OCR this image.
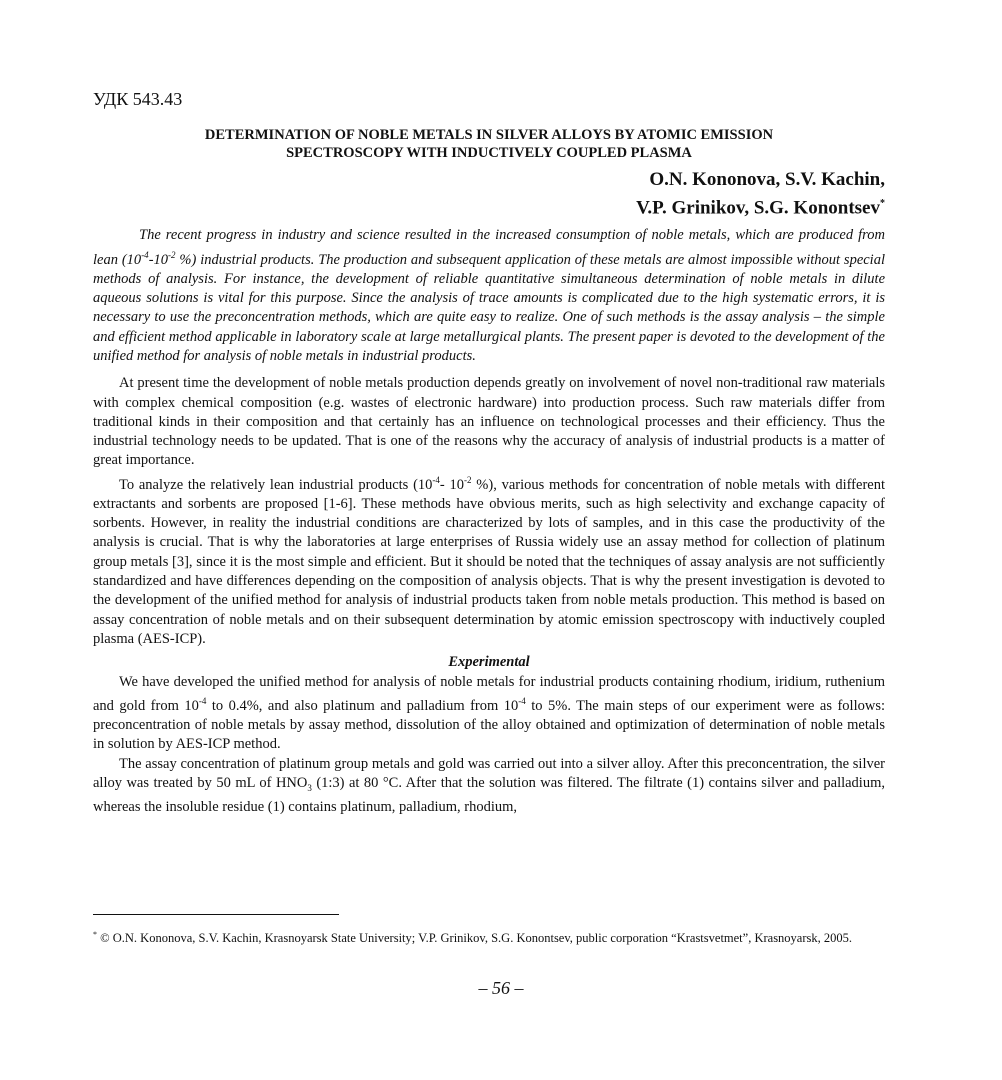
УДК 543.43
DETERMINATION OF NOBLE METALS IN SILVER ALLOYS BY ATOMIC EMISSION
SPECTROSCOPY WITH INDUCTIVELY COUPLED PLASMA
O.N. Kononova, S.V. Kachin,
V.P. Grinikov, S.G. Konontsev*

The recent progress in industry and science resulted in the increased consumption of noble metals, which are produced from lean ($10^{-4}-10^{-2}$ %) industrial products. The production and subsequent application of these metals are almost impossible without special methods of analysis. For instance, the development of reliable quantitative simultaneous determination of noble metals in dilute aqueous solutions is vital for this purpose. Since the analysis of trace amounts is complicated due to the high systematic errors, it is necessary to use the preconcentration methods, which are quite easy to realize. One of such methods is the assay analysis – the simple and efficient method applicable in laboratory scale at large metallurgical plants. The present paper is devoted to the development of the unified method for analysis of noble metals in industrial products.

At present time the development of noble metals production depends greatly on involvement of novel non-traditional raw materials with complex chemical composition (e.g. wastes of electronic hardware) into production process. Such raw materials differ from traditional kinds in their composition and that certainly has an influence on technological processes and their efficiency. Thus the industrial technology needs to be updated. That is one of the reasons why the accuracy of analysis of industrial products is a matter of great importance.

To analyze the relatively lean industrial products ($10^{-4}-$ $10^{-2}$ %), various methods for concentration of noble metals with different extractants and sorbents are proposed [1-6]. These methods have obvious merits, such as high selectivity and exchange capacity of sorbents. However, in reality the industrial conditions are characterized by lots of samples, and in this case the productivity of the analysis is crucial. That is why the laboratories at large enterprises of Russia widely use an assay method for collection of platinum group metals [3], since it is the most simple and efficient. But it should be noted that the techniques of assay analysis are not sufficiently standardized and have differences depending on the composition of analysis objects. That is why the present investigation is devoted to the development of the unified method for analysis of industrial products taken from noble metals production. This method is based on assay concentration of noble metals and on their subsequent determination by atomic emission spectroscopy with inductively coupled plasma (AES-ICP).

Experimental

We have developed the unified method for analysis of noble metals for industrial products containing rhodium, iridium, ruthenium and gold from $10^{-4}$ to 0.4%, and also platinum and palladium from $10^{-4}$ to 5%. The main steps of our experiment were as follows: preconcentration of noble metals by assay method, dissolution of the alloy obtained and optimization of determination of noble metals in solution by AES-ICP method.

The assay concentration of platinum group metals and gold was carried out into a silver alloy. After this preconcentration, the silver alloy was treated by 50 mL of $HNO_3$ (1:3) at 80 °C. After that the solution was filtered. The filtrate (1) contains silver and palladium, whereas the insoluble residue (1) contains platinum, palladium, rhodium,

* © O.N. Kononova, S.V. Kachin, Krasnoyarsk State University; V.P. Grinikov, S.G. Konontsev, public corporation “Krastsvetmet”, Krasnoyarsk, 2005.
– 56 –
